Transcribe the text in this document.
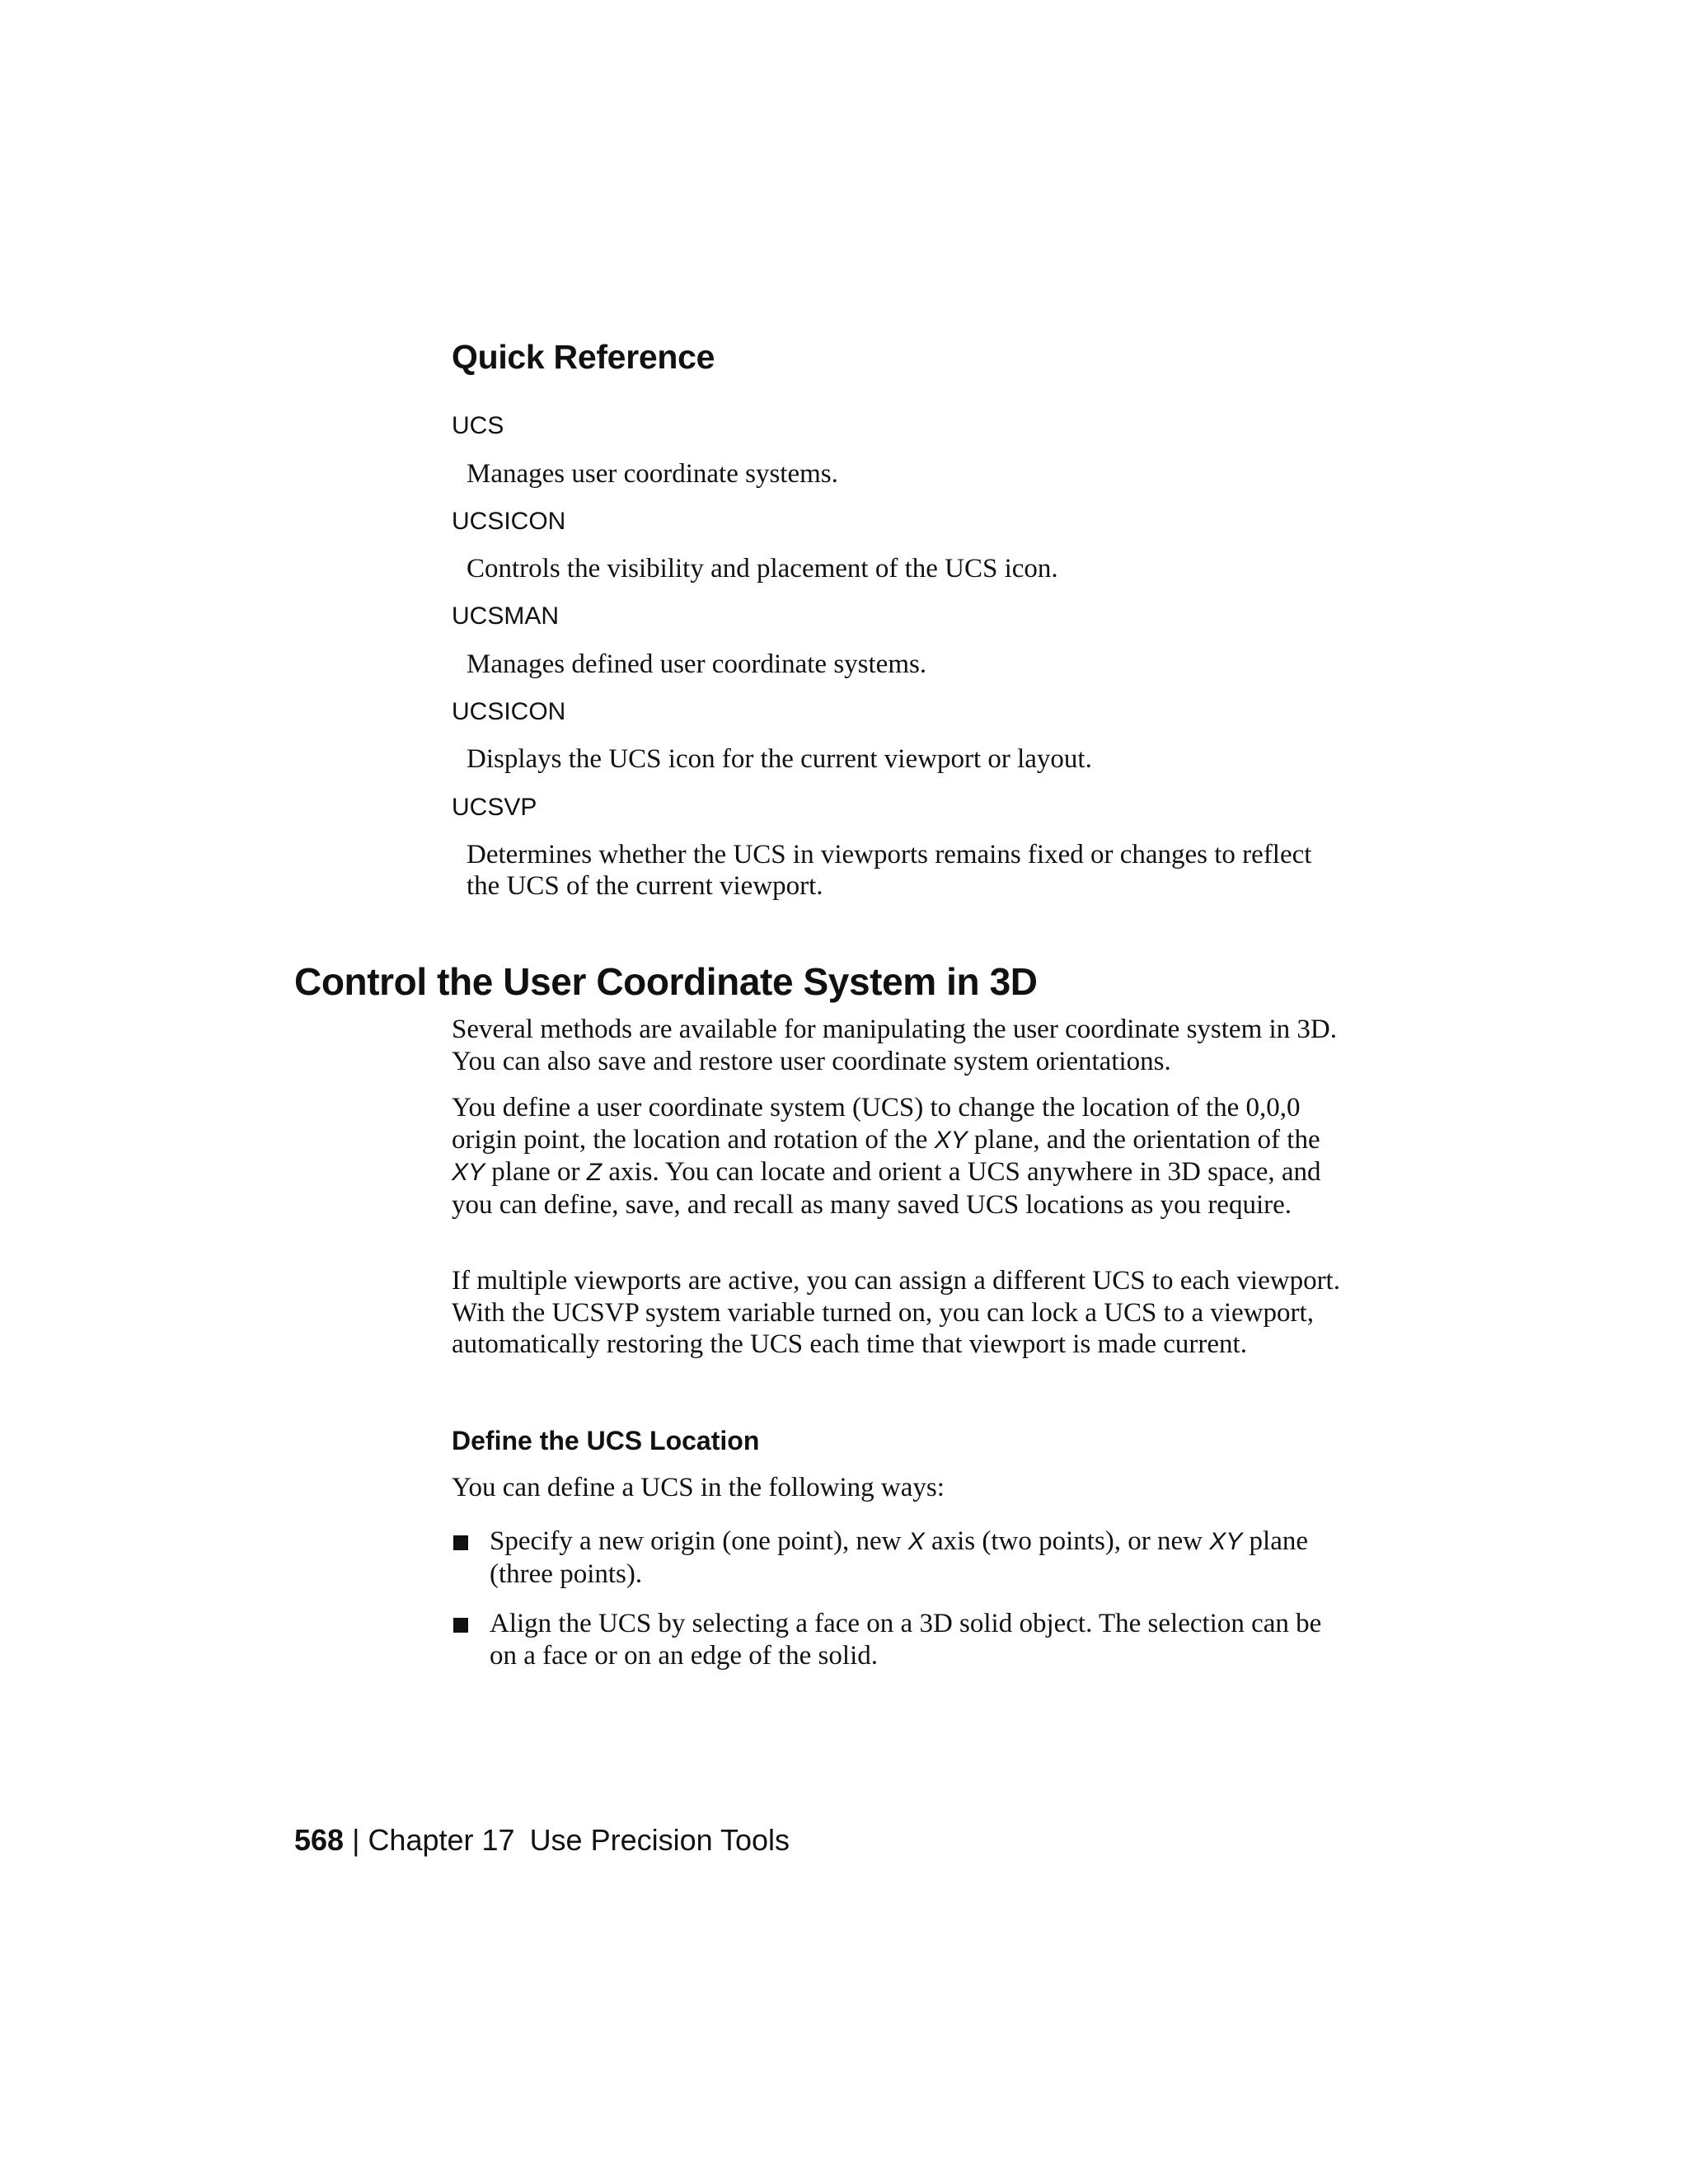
Quick Reference
UCS
Manages user coordinate systems.
UCSICON
Controls the visibility and placement of the UCS icon.
UCSMAN
Manages defined user coordinate systems.
UCSICON
Displays the UCS icon for the current viewport or layout.
UCSVP
Determines whether the UCS in viewports remains fixed or changes to reflect
the UCS of the current viewport.
Control the User Coordinate System in 3D

Several methods are available for manipulating the user coordinate system in 3D. You can also save and restore user coordinate system orientations.

You define a user coordinate system (UCS) to change the location of the 0,0,0 origin point, the location and rotation of the XY plane, and the orientation of the XY plane or Z axis. You can locate and orient a UCS anywhere in 3D space, and you can define, save, and recall as many saved UCS locations as you require.

If multiple viewports are active, you can assign a different UCS to each viewport. With the UCSVP system variable turned on, you can lock a UCS to a viewport, automatically restoring the UCS each time that viewport is made current.

Define the UCS Location

You can define a UCS in the following ways:

Specify a new origin (one point), new X axis (two points), or new XY plane (three points).
Align the UCS by selecting a face on a 3D solid object. The selection can be on a face or on an edge of the solid.
568 | Chapter 17 Use Precision Tools
